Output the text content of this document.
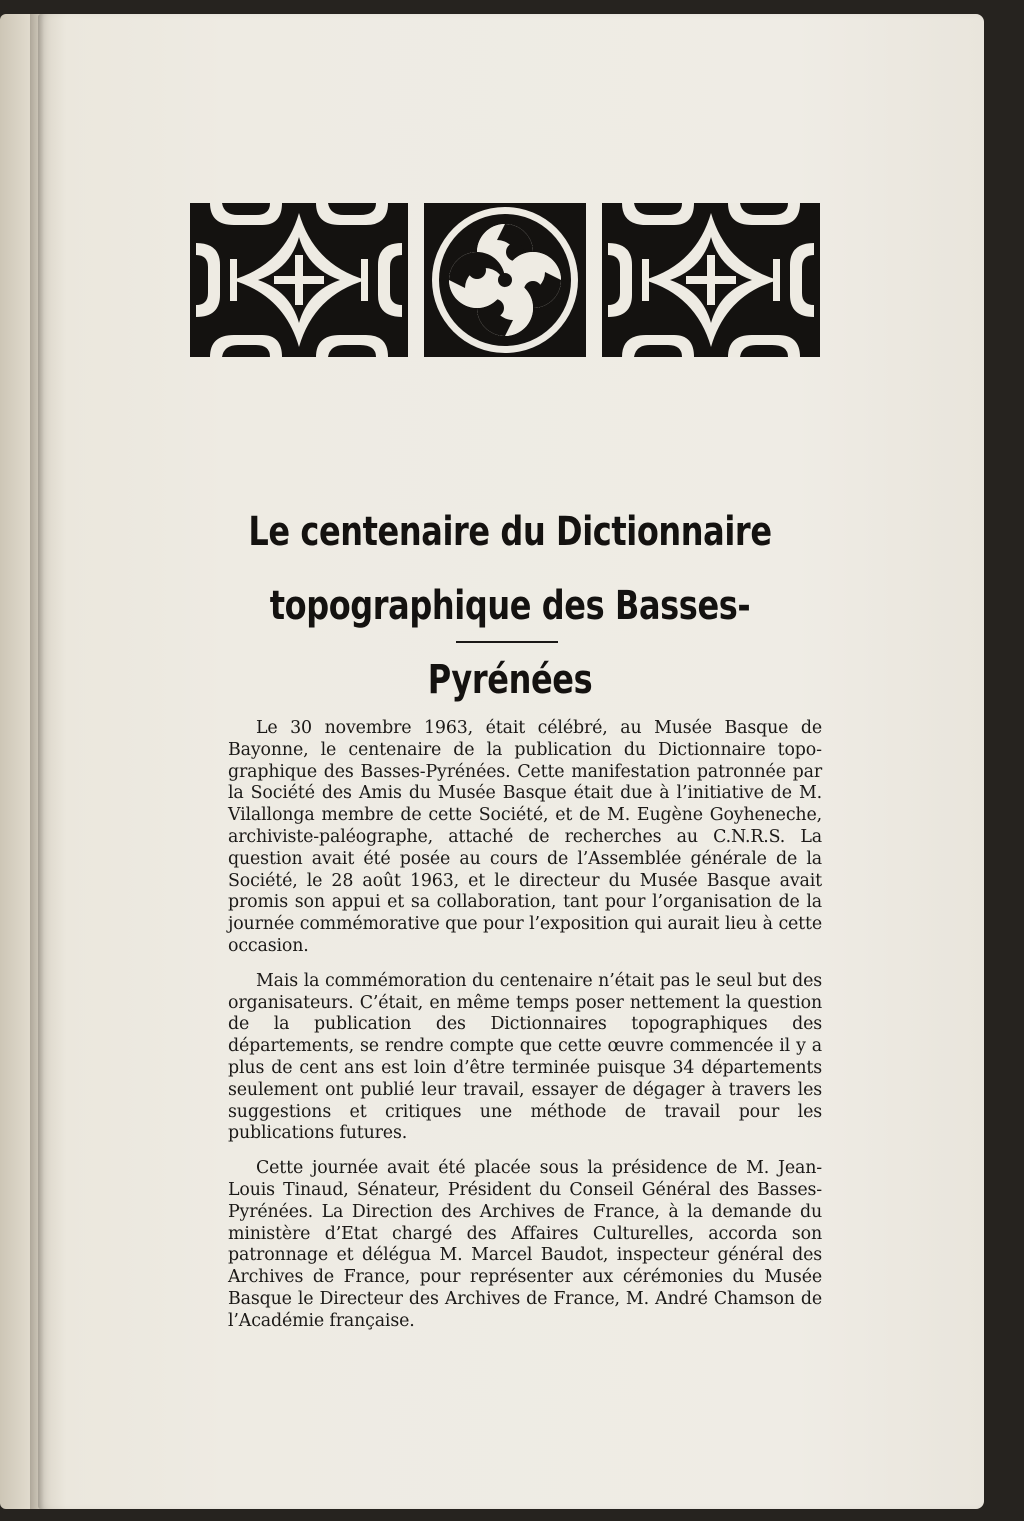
Le centenaire du Dictionnaire
topographique des Basses-Pyrénées

Le 30 novembre 1963, était célébré, au Musée Basque de Bayonne, le centenaire de la publication du Dictionnaire topographique des Basses-Pyrénées. Cette manifestation patronnée par la Société des Amis du Musée Basque était due à l’initiative de M. Vilallonga membre de cette Société, et de M. Eugène Goyheneche, archiviste-paléographe, attaché de recherches au C.N.R.S. La question avait été posée au cours de l’Assemblée générale de la Société, le 28 août 1963, et le directeur du Musée Basque avait promis son appui et sa collaboration, tant pour l’organisation de la journée commémorative que pour l’exposition qui aurait lieu à cette occasion.

Mais la commémoration du centenaire n’était pas le seul but des organisateurs. C’était, en même temps poser nettement la question de la publication des Dictionnaires topographiques des départements, se rendre compte que cette œuvre commencée il y a plus de cent ans est loin d’être terminée puisque 34 départements seulement ont publié leur travail, essayer de dégager à travers les suggestions et critiques une méthode de travail pour les publications futures.

Cette journée avait été placée sous la présidence de M. Jean-Louis Tinaud, Sénateur, Président du Conseil Général des Basses-Pyrénées. La Direction des Archives de France, à la demande du ministère d’Etat chargé des Affaires Culturelles, accorda son patronnage et délégua M. Marcel Baudot, inspecteur général des Archives de France, pour représenter aux cérémonies du Musée Basque le Directeur des Archives de France, M. André Chamson de l’Académie française.
